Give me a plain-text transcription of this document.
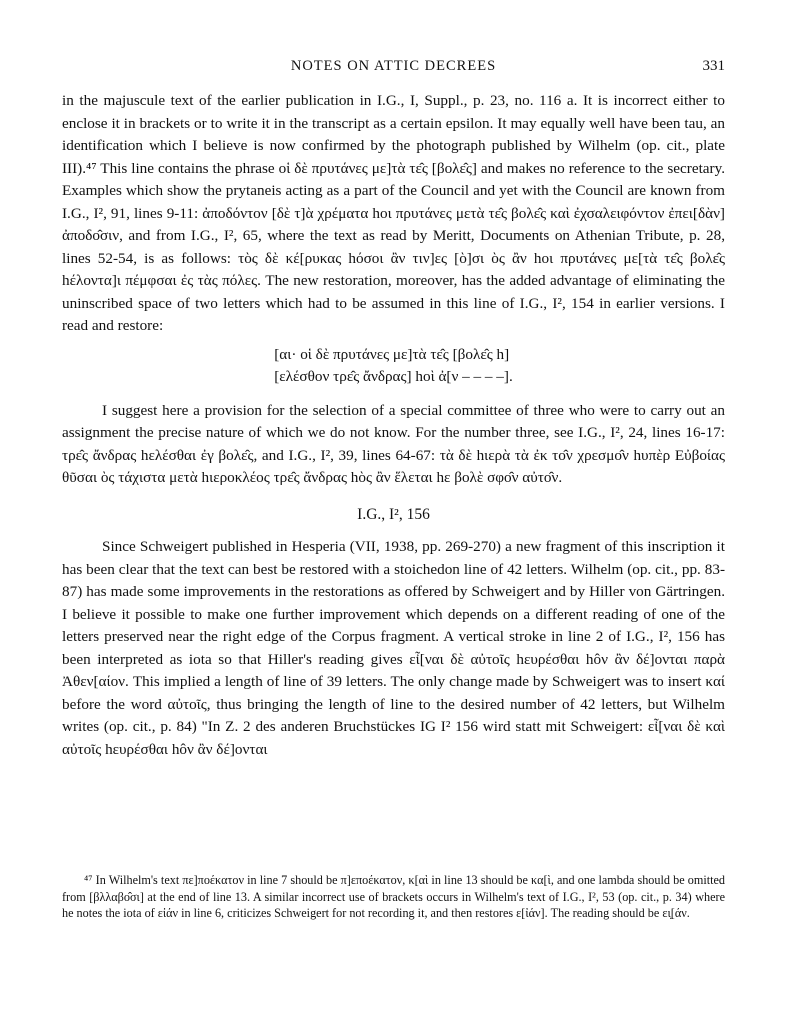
NOTES ON ATTIC DECREES	331

in the majuscule text of the earlier publication in I.G., I, Suppl., p. 23, no. 116 a. It is incorrect either to enclose it in brackets or to write it in the transcript as a certain epsilon. It may equally well have been tau, an identification which I believe is now confirmed by the photograph published by Wilhelm (op. cit., plate III).⁴⁷ This line contains the phrase οἱ δὲ πρυτάνες με]τὰ τε̂ς [βολε̂ς] and makes no reference to the secretary. Examples which show the prytaneis acting as a part of the Council and yet with the Council are known from I.G., I², 91, lines 9-11: ἀποδόντον [δὲ τ]ὰ χρέματα hοι πρυτάνες μετὰ τε̂ς βολε̂ς καὶ ἐχσαλειφόντον ἐπει[δὰν] ἀποδο̂σιν, and from I.G., I², 65, where the text as read by Meritt, Documents on Athenian Tribute, p. 28, lines 52-54, is as follows: τὸς δὲ κέ[ρυκας hόσοι ἂν τιν]ες [ὸ]σι ὸς ἂν hοι πρυτάνες με[τὰ τε̂ς βολε̂ς hέλοντα]ι πέμφσαι ἐς τὰς πόλες. The new restoration, moreover, has the added advantage of eliminating the uninscribed space of two letters which had to be assumed in this line of I.G., I², 154 in earlier versions. I read and restore:

[αι· οἱ δὲ πρυτάνες με]τὰ τε̂ς [βολε̂ς h]
[ελέσθον τρε̂ς ἄνδρας] hοὶ ἀ[ν – – – –].

I suggest here a provision for the selection of a special committee of three who were to carry out an assignment the precise nature of which we do not know. For the number three, see I.G., I², 24, lines 16-17: τρε̂ς ἄνδρας hελέσθαι ἐγ βολε̂ς, and I.G., I², 39, lines 64-67: τὰ δὲ hιερὰ τὰ ἐκ το̂ν χρεσμο̂ν hυπὲρ Εὐβοίας θῦσαι ὸς τάχιστα μετὰ hιεροκλέος τρε̂ς ἄνδρας hὸς ἂν ἕλεται hε βολὲ σφο̂ν αὐτο̂ν.

I.G., I², 156

Since Schweigert published in Hesperia (VII, 1938, pp. 269-270) a new fragment of this inscription it has been clear that the text can best be restored with a stoichedon line of 42 letters. Wilhelm (op. cit., pp. 83-87) has made some improvements in the restorations as offered by Schweigert and by Hiller von Gärtringen. I believe it possible to make one further improvement which depends on a different reading of one of the letters preserved near the right edge of the Corpus fragment. A vertical stroke in line 2 of I.G., I², 156 has been interpreted as iota so that Hiller's reading gives εἶ[ναι δὲ αὐτοῖς hευρέσθαι hôν ἂν δέ]ονται παρὰ Ἀθεν[αίον. This implied a length of line of 39 letters. The only change made by Schweigert was to insert καί before the word αὐτοῖς, thus bringing the length of line to the desired number of 42 letters, but Wilhelm writes (op. cit., p. 84) "In Z. 2 des anderen Bruchstückes IG I² 156 wird statt mit Schweigert: εἶ[ναι δὲ καὶ αὐτοῖς hευρέσθαι hôν ἂν δέ]ονται

⁴⁷ In Wilhelm's text πε]ποέκατον in line 7 should be π]εποέκατον, κ[αὶ in line 13 should be κα[ὶ, and one lambda should be omitted from [βλλαβο̂σι] at the end of line 13. A similar incorrect use of brackets occurs in Wilhelm's text of I.G., I², 53 (op. cit., p. 34) where he notes the iota of εἰάν in line 6, criticizes Schweigert for not recording it, and then restores ε[ἰάν]. The reading should be ει̣[άν.
